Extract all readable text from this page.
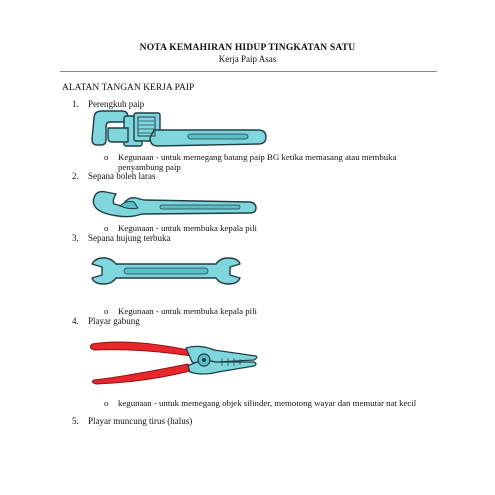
NOTA KEMAHIRAN HIDUP TINGKATAN SATU
Kerja Paip Asas
ALATAN TANGAN KERJA PAIP
1. Perengkuh paip
o	Kegunaan - untuk memegang batang paip BG ketika memasang atau membuka penyambung paip
2. Sepana boleh laras
o	Kegunaan - untuk membuka kepala pili
3. Sepana hujung terbuka
o	Kegunaan - untuk membuka kepala pili
4. Playar gabung
o	kegunaan - untuk memegang objek silinder, memotong wayar dan memutar nat kecil
5. Playar muncung tirus (halus)
